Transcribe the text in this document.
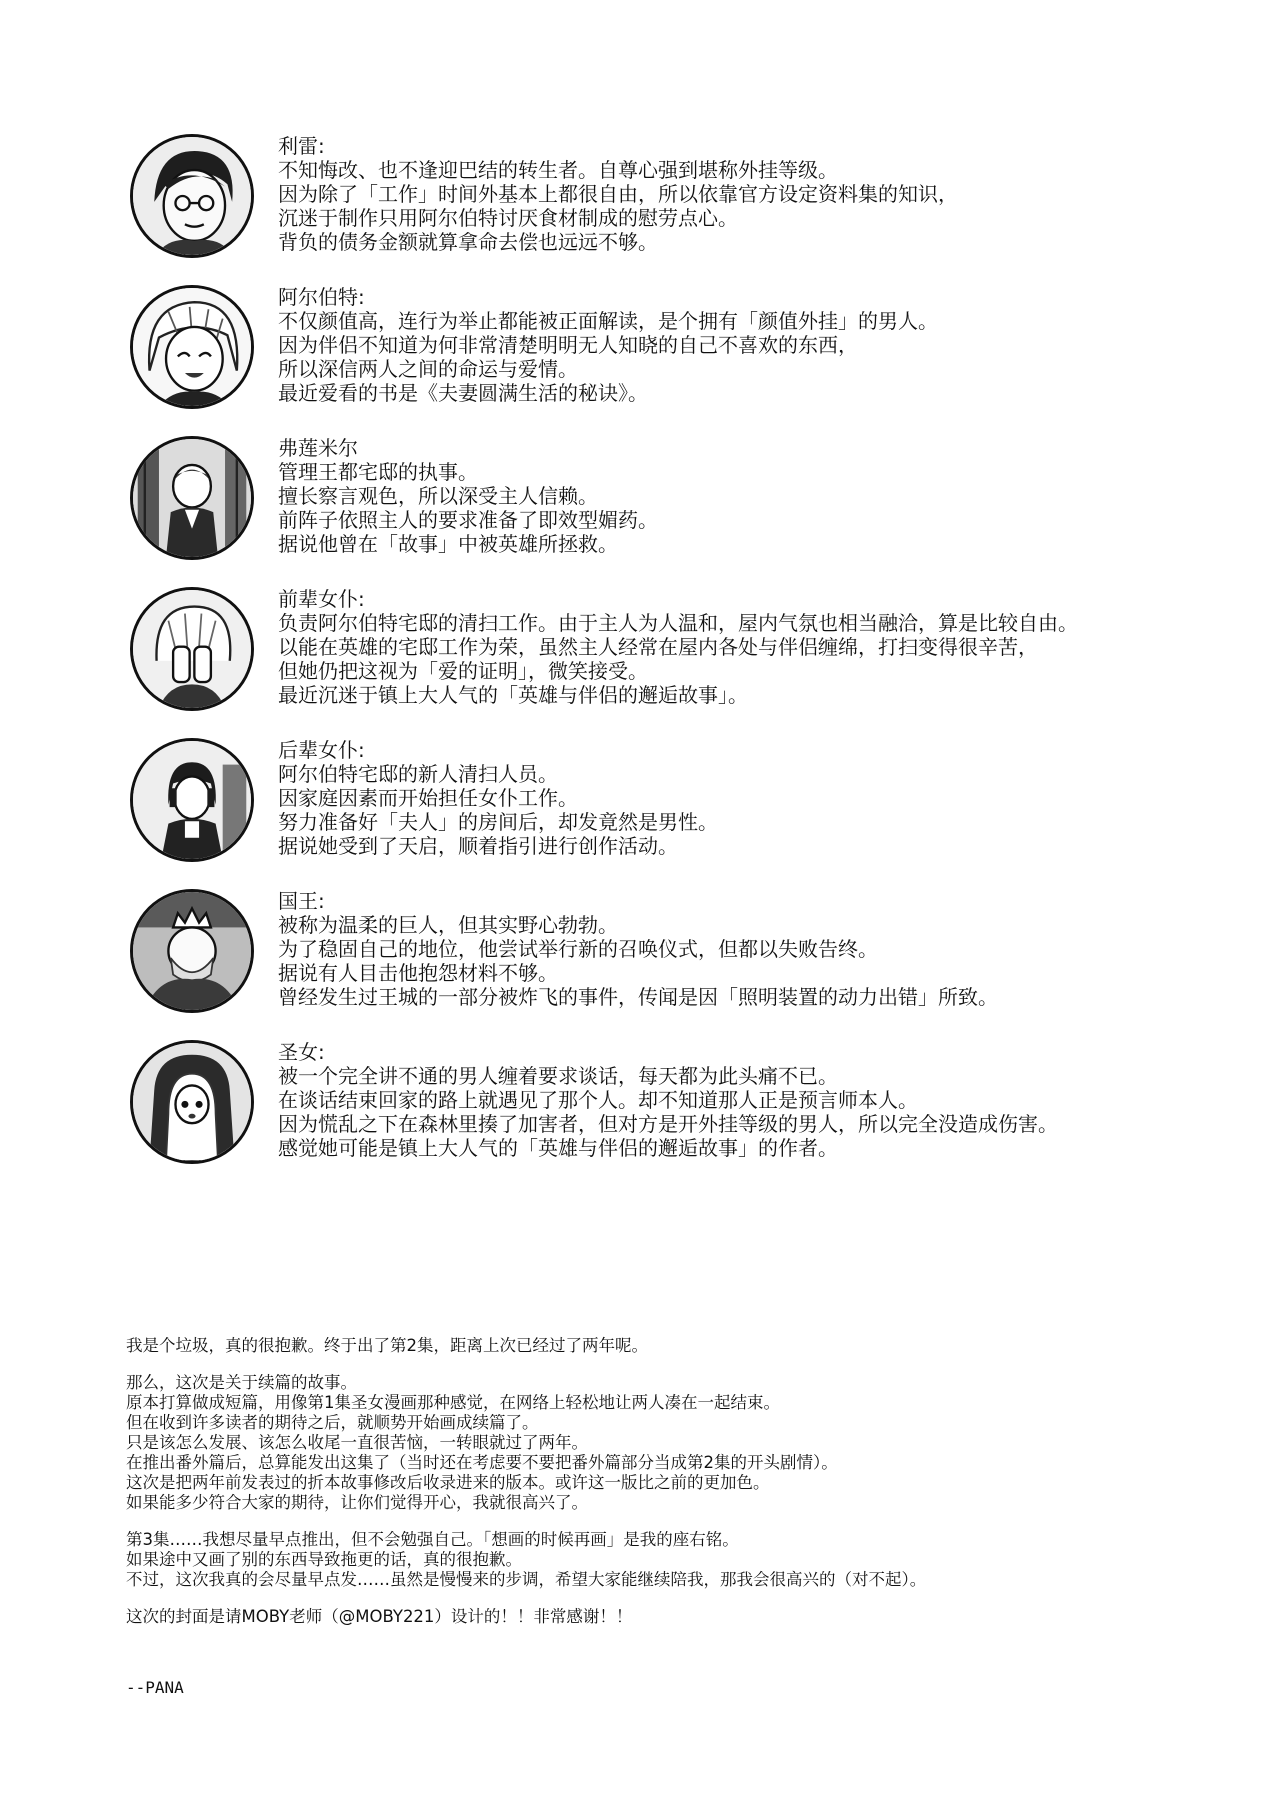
利雷:
不知悔改、也不逢迎巴结的转生者。自尊心强到堪称外挂等级。
因为除了「工作」时间外基本上都很自由，所以依靠官方设定资料集的知识，
沉迷于制作只用阿尔伯特讨厌食材制成的慰劳点心。
背负的债务金额就算拿命去偿也远远不够。
阿尔伯特:
不仅颜值高，连行为举止都能被正面解读，是个拥有「颜值外挂」的男人。
因为伴侣不知道为何非常清楚明明无人知晓的自己不喜欢的东西，
所以深信两人之间的命运与爱情。
最近爱看的书是《夫妻圆满生活的秘诀》。
弗莲米尔
管理王都宅邸的执事。
擅长察言观色，所以深受主人信赖。
前阵子依照主人的要求准备了即效型媚药。
据说他曾在「故事」中被英雄所拯救。
前辈女仆:
负责阿尔伯特宅邸的清扫工作。由于主人为人温和，屋内气氛也相当融洽，算是比较自由。
以能在英雄的宅邸工作为荣，虽然主人经常在屋内各处与伴侣缠绵，打扫变得很辛苦，
但她仍把这视为「爱的证明」，微笑接受。
最近沉迷于镇上大人气的「英雄与伴侣的邂逅故事」。
后辈女仆:
阿尔伯特宅邸的新人清扫人员。
因家庭因素而开始担任女仆工作。
努力准备好「夫人」的房间后，却发竟然是男性。
据说她受到了天启，顺着指引进行创作活动。
国王:
被称为温柔的巨人，但其实野心勃勃。
为了稳固自己的地位，他尝试举行新的召唤仪式，但都以失败告终。
据说有人目击他抱怨材料不够。
曾经发生过王城的一部分被炸飞的事件，传闻是因「照明装置的动力出错」所致。
圣女:
被一个完全讲不通的男人缠着要求谈话，每天都为此头痛不已。
在谈话结束回家的路上就遇见了那个人。却不知道那人正是预言师本人。
因为慌乱之下在森林里揍了加害者，但对方是开外挂等级的男人，所以完全没造成伤害。
感觉她可能是镇上大人气的「英雄与伴侣的邂逅故事」的作者。
我是个垃圾，真的很抱歉。终于出了第2集，距离上次已经过了两年呢。
那么，这次是关于续篇的故事。
原本打算做成短篇，用像第1集圣女漫画那种感觉，在网络上轻松地让两人凑在一起结束。
但在收到许多读者的期待之后，就顺势开始画成续篇了。
只是该怎么发展、该怎么收尾一直很苦恼，一转眼就过了两年。
在推出番外篇后，总算能发出这集了（当时还在考虑要不要把番外篇部分当成第2集的开头剧情）。
这次是把两年前发表过的折本故事修改后收录进来的版本。或许这一版比之前的更加色。
如果能多少符合大家的期待，让你们觉得开心，我就很高兴了。
第3集……我想尽量早点推出，但不会勉强自己。「想画的时候再画」是我的座右铭。
如果途中又画了别的东西导致拖更的话，真的很抱歉。
不过，这次我真的会尽量早点发……虽然是慢慢来的步调，希望大家能继续陪我，那我会很高兴的（对不起）。
这次的封面是请MOBY老师（@MOBY221）设计的！！非常感谢！！
--PANA
